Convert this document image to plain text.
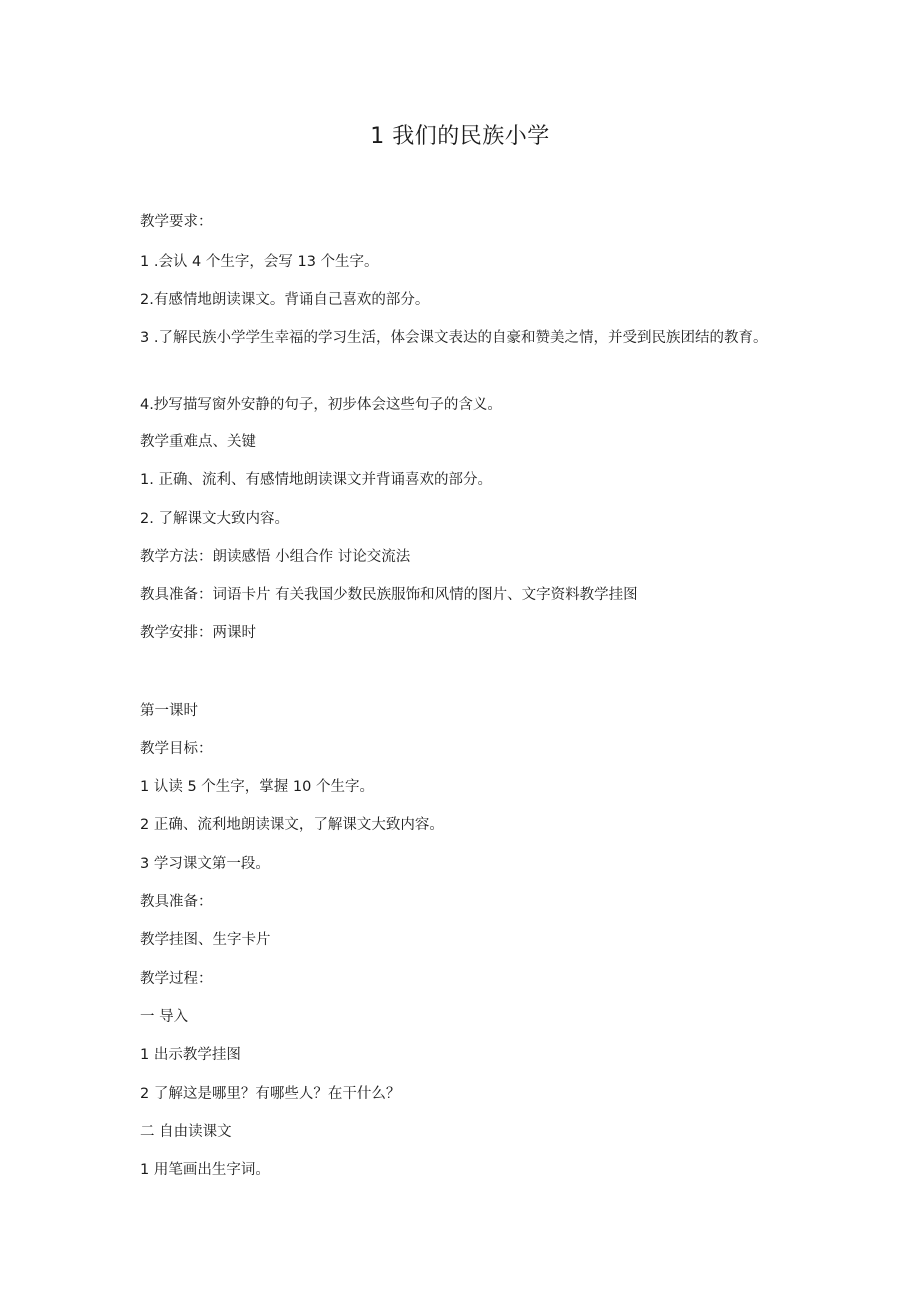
1 我们的民族小学
教学要求：
1 .会认 4 个生字，会写 13 个生字。
2.有感情地朗读课文。背诵自己喜欢的部分。
3 .了解民族小学学生幸福的学习生活，体会课文表达的自豪和赞美之情，并受到民族团结的教育。
4.抄写描写窗外安静的句子，初步体会这些句子的含义。
教学重难点、关键
1. 正确、流利、有感情地朗读课文并背诵喜欢的部分。
2. 了解课文大致内容。
教学方法：朗读感悟 小组合作 讨论交流法
教具准备：词语卡片 有关我国少数民族服饰和风情的图片、文字资料教学挂图
教学安排：两课时
第一课时
教学目标：
1 认读 5 个生字，掌握 10 个生字。
2 正确、流利地朗读课文，了解课文大致内容。
3 学习课文第一段。
教具准备：
教学挂图、生字卡片
教学过程：
一 导入
1 出示教学挂图
2 了解这是哪里？有哪些人？在干什么？
二 自由读课文
1 用笔画出生字词。
